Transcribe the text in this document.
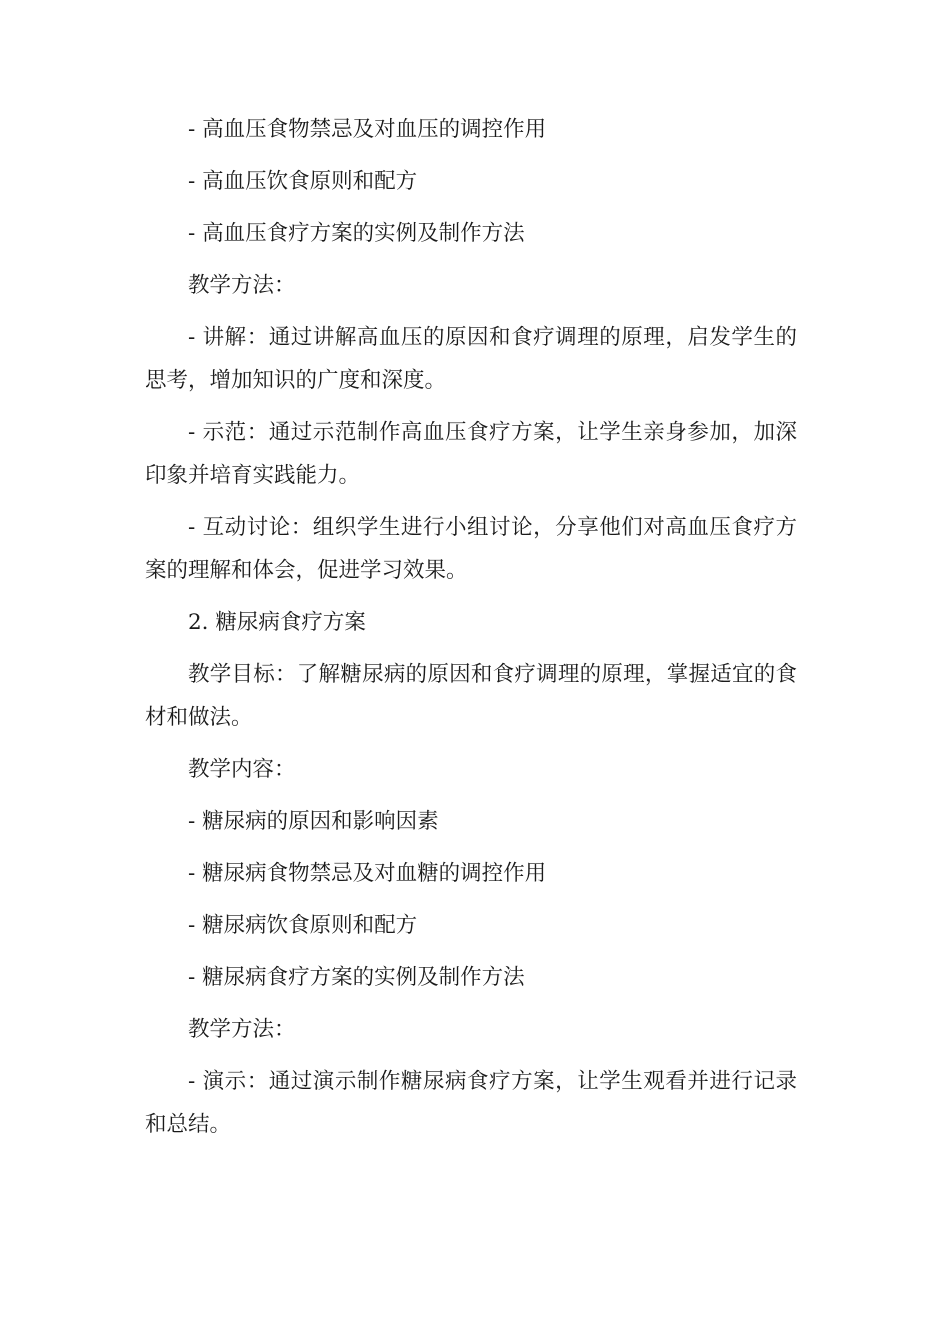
- 高血压食物禁忌及对血压的调控作用

- 高血压饮食原则和配方

- 高血压食疗方案的实例及制作方法

教学方法：

- 讲解：通过讲解高血压的原因和食疗调理的原理，启发学生的思考，增加知识的广度和深度。

- 示范：通过示范制作高血压食疗方案，让学生亲身参加，加深印象并培育实践能力。

- 互动讨论：组织学生进行小组讨论，分享他们对高血压食疗方案的理解和体会，促进学习效果。

2. 糖尿病食疗方案

教学目标：了解糖尿病的原因和食疗调理的原理，掌握适宜的食材和做法。

教学内容：

- 糖尿病的原因和影响因素

- 糖尿病食物禁忌及对血糖的调控作用

- 糖尿病饮食原则和配方

- 糖尿病食疗方案的实例及制作方法

教学方法：

- 演示：通过演示制作糖尿病食疗方案，让学生观看并进行记录和总结。
